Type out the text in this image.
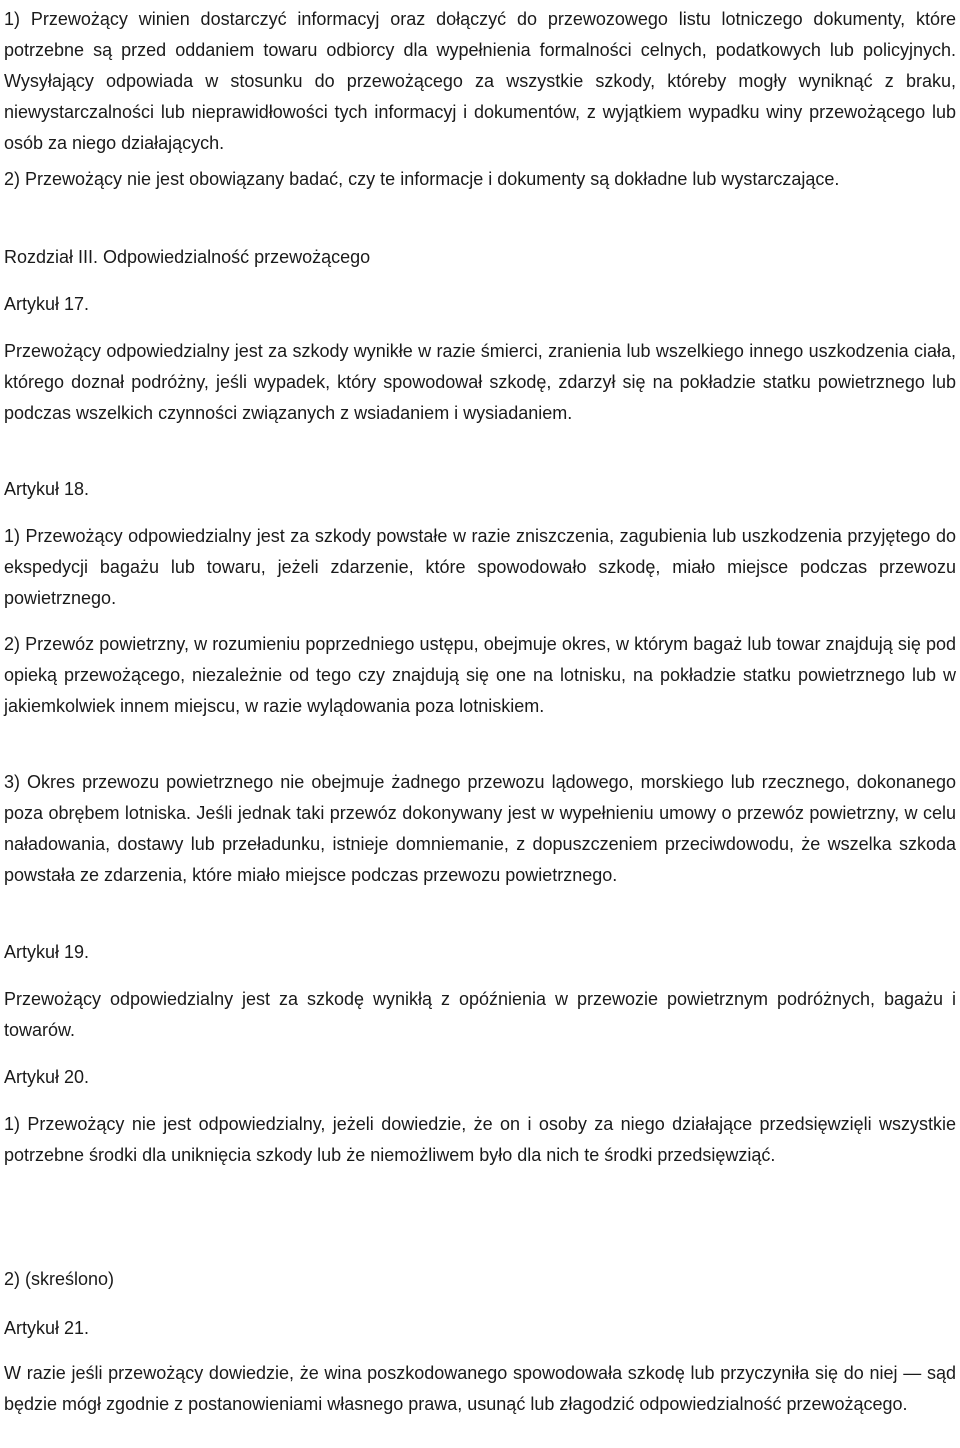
1) Przewożący winien dostarczyć informacyj oraz dołączyć do przewozowego listu lotniczego dokumenty, które potrzebne są przed oddaniem towaru odbiorcy dla wypełnienia formalności celnych, podatkowych lub policyjnych. Wysyłający odpowiada w stosunku do przewożącego za wszystkie szkody, któreby mogły wyniknąć z braku, niewystarczalności lub nieprawidłowości tych informacyj i dokumentów, z wyjątkiem wypadku winy przewożącego lub osób za niego działających.

2) Przewożący nie jest obowiązany badać, czy te informacje i dokumenty są dokładne lub wystarczające.

Rozdział III. Odpowiedzialność przewożącego

Artykuł 17.

Przewożący odpowiedzialny jest za szkody wynikłe w razie śmierci, zranienia lub wszelkiego innego uszkodzenia ciała, którego doznał podróżny, jeśli wypadek, który spowodował szkodę, zdarzył się na pokładzie statku powietrznego lub podczas wszelkich czynności związanych z wsiadaniem i wysiadaniem.

Artykuł 18.

1) Przewożący odpowiedzialny jest za szkody powstałe w razie zniszczenia, zagubienia lub uszkodzenia przyjętego do ekspedycji bagażu lub towaru, jeżeli zdarzenie, które spowodowało szkodę, miało miejsce podczas przewozu powietrznego.

2) Przewóz powietrzny, w rozumieniu poprzedniego ustępu, obejmuje okres, w którym bagaż lub towar znajdują się pod opieką przewożącego, niezależnie od tego czy znajdują się one na lotnisku, na pokładzie statku powietrznego lub w jakiemkolwiek innem miejscu, w razie wylądowania poza lotniskiem.

3) Okres przewozu powietrznego nie obejmuje żadnego przewozu lądowego, morskiego lub rzecznego, dokonanego poza obrębem lotniska. Jeśli jednak taki przewóz dokonywany jest w wypełnieniu umowy o przewóz powietrzny, w celu naładowania, dostawy lub przeładunku, istnieje domniemanie, z dopuszczeniem przeciwdowodu, że wszelka szkoda powstała ze zdarzenia, które miało miejsce podczas przewozu powietrznego.

Artykuł 19.

Przewożący odpowiedzialny jest za szkodę wynikłą z opóźnienia w przewozie powietrznym podróżnych, bagażu i towarów.

Artykuł 20.

1) Przewożący nie jest odpowiedzialny, jeżeli dowiedzie, że on i osoby za niego działające przedsięwzięli wszystkie potrzebne środki dla uniknięcia szkody lub że niemożliwem było dla nich te środki przedsięwziąć.

2) (skreślono)

Artykuł 21.

W razie jeśli przewożący dowiedzie, że wina poszkodowanego spowodowała szkodę lub przyczyniła się do niej — sąd będzie mógł zgodnie z postanowieniami własnego prawa, usunąć lub złagodzić odpowiedzialność przewożącego.
